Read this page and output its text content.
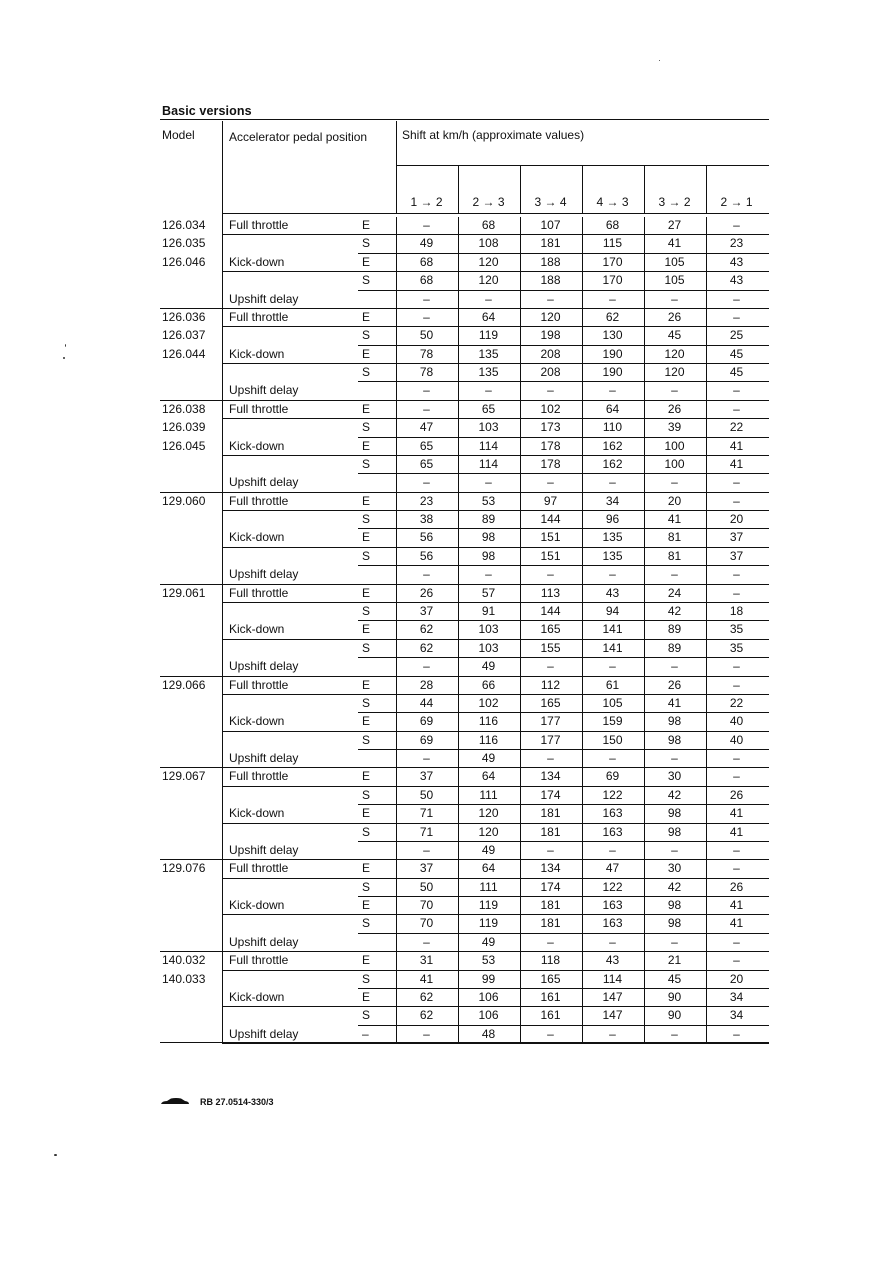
Basic versions
Model	Accelerator pedal position	Shift at km/h (approximate values)
1 → 2	2 → 3	3 → 4	4 → 3	3 → 2	2 → 1
126.034
126.035
126.046
Full throttle	E	–	68	107	68	27	–
S	49	108	181	115	41	23
Kick-down	E	68	120	188	170	105	43
S	68	120	188	170	105	43
Upshift delay	–	–	–	–	–	–
126.036
126.037
126.044
Full throttle	E	–	64	120	62	26	–
S	50	119	198	130	45	25
Kick-down	E	78	135	208	190	120	45
S	78	135	208	190	120	45
Upshift delay	–	–	–	–	–	–
126.038
126.039
126.045
Full throttle	E	–	65	102	64	26	–
S	47	103	173	110	39	22
Kick-down	E	65	114	178	162	100	41
S	65	114	178	162	100	41
Upshift delay	–	–	–	–	–	–
129.060 Full throttle	E	23	53	97	34	20	–
S	38	89	144	96	41	20
Kick-down	E	56	98	151	135	81	37
S	56	98	151	135	81	37
Upshift delay	–	–	–	–	–	–
129.061 Full throttle	E	26	57	113	43	24	–
S	37	91	144	94	42	18
Kick-down	E	62	103	165	141	89	35
S	62	103	155	141	89	35
Upshift delay	–	49	–	–	–	–
129.066 Full throttle	E	28	66	112	61	26	–
S	44	102	165	105	41	22
Kick-down	E	69	116	177	159	98	40
S	69	116	177	150	98	40
Upshift delay	–	49	–	–	–	–
129.067 Full throttle	E	37	64	134	69	30	–
S	50	111	174	122	42	26
Kick-down	E	71	120	181	163	98	41
S	71	120	181	163	98	41
Upshift delay	–	49	–	–	–	–
129.076 Full throttle	E	37	64	134	47	30	–
S	50	111	174	122	42	26
Kick-down	E	70	119	181	163	98	41
S	70	119	181	163	98	41
Upshift delay	–	49	–	–	–	–
140.032
140.033
Full throttle	E	31	53	118	43	21	–
S	41	99	165	114	45	20
Kick-down	E	62	106	161	147	90	34
S	62	106	161	147	90	34
Upshift delay	–	–	48	–	–	–	–
RB 27.0514-330/3
